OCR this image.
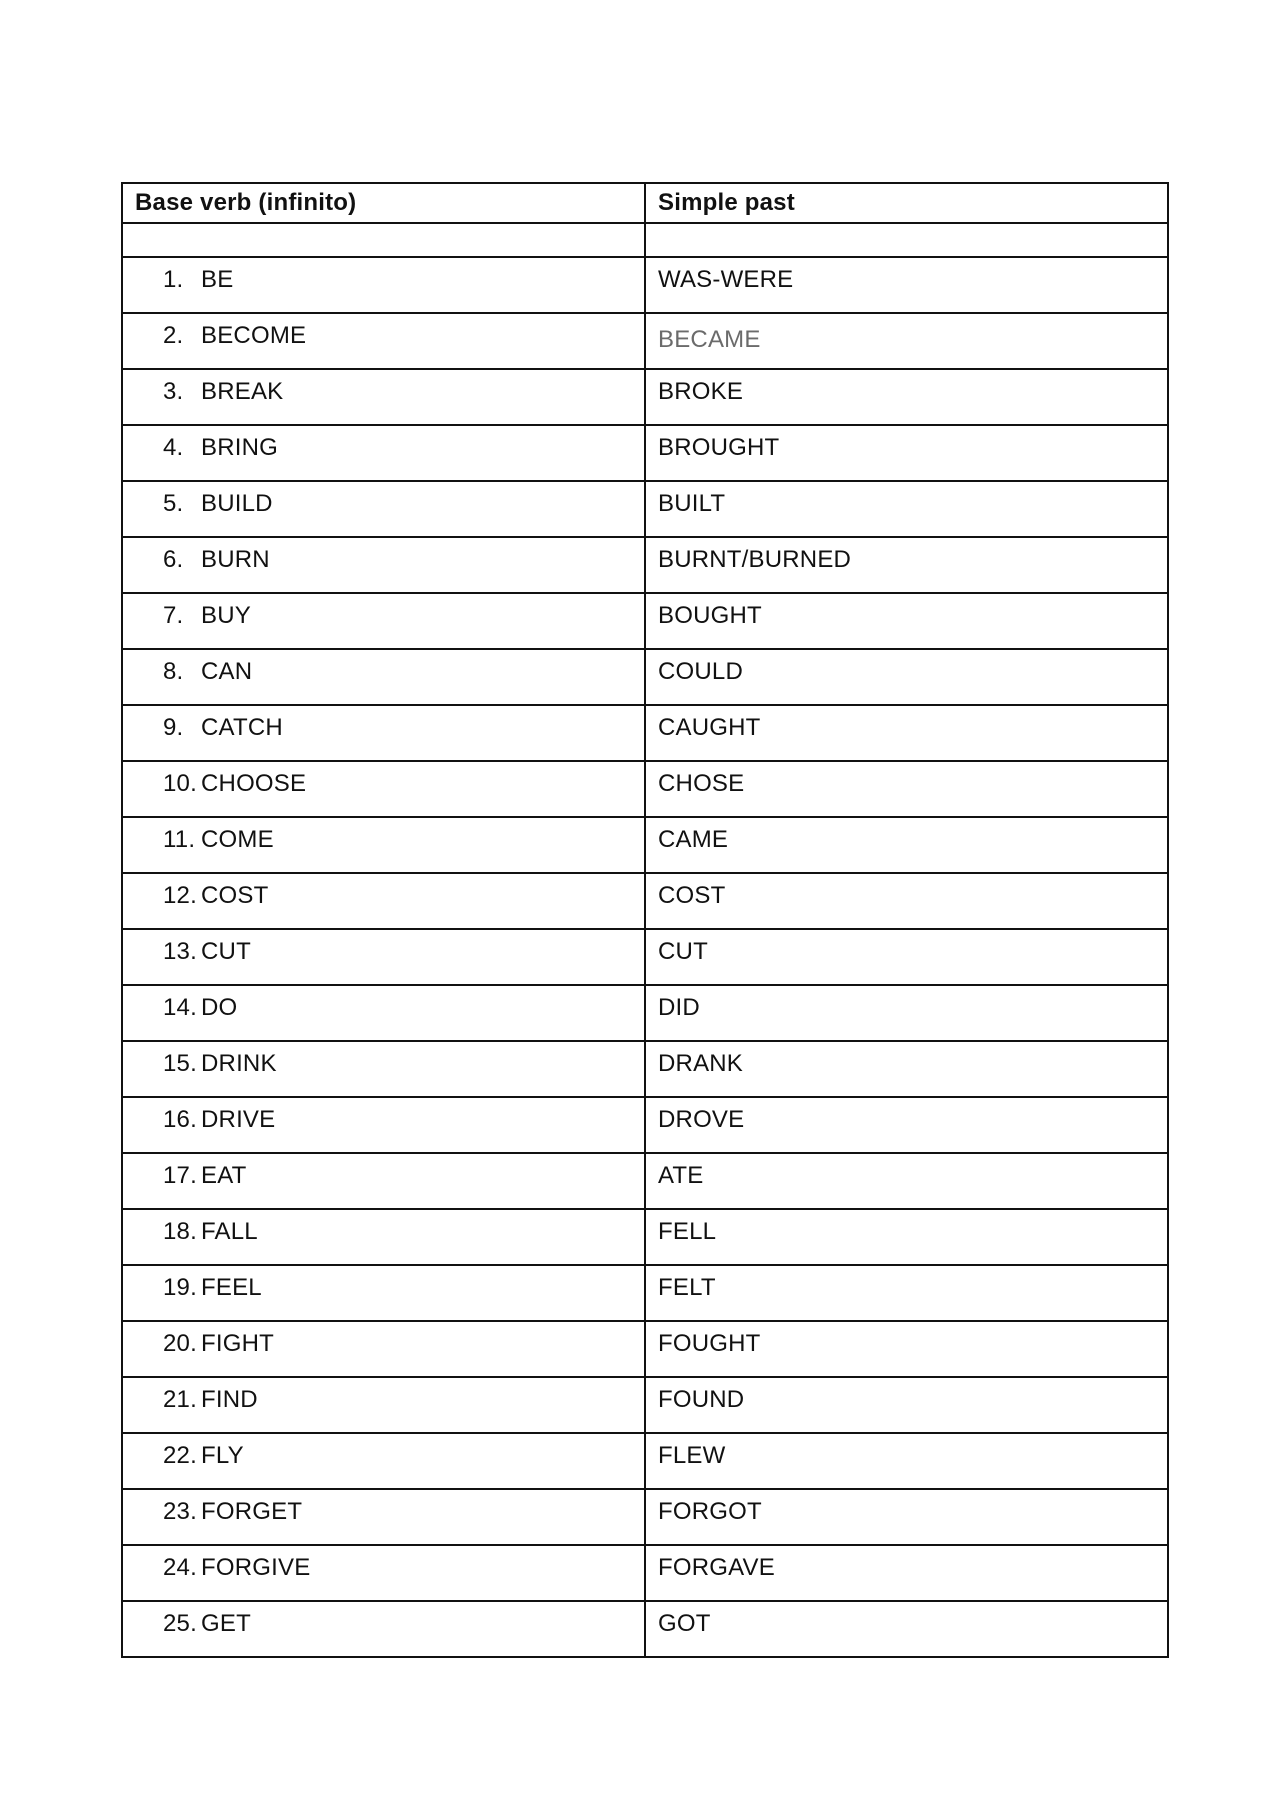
Base verb (infinito)	Simple past

1. BE	WAS-WERE
2. BECOME	BECAME
3. BREAK	BROKE
4. BRING	BROUGHT
5. BUILD	BUILT
6. BURN	BURNT/BURNED
7. BUY	BOUGHT
8. CAN	COULD
9. CATCH	CAUGHT
10. CHOOSE	CHOSE
11. COME	CAME
12. COST	COST
13. CUT	CUT
14. DO	DID
15. DRINK	DRANK
16. DRIVE	DROVE
17. EAT	ATE
18. FALL	FELL
19. FEEL	FELT
20. FIGHT	FOUGHT
21. FIND	FOUND
22. FLY	FLEW
23. FORGET	FORGOT
24. FORGIVE	FORGAVE
25. GET	GOT
